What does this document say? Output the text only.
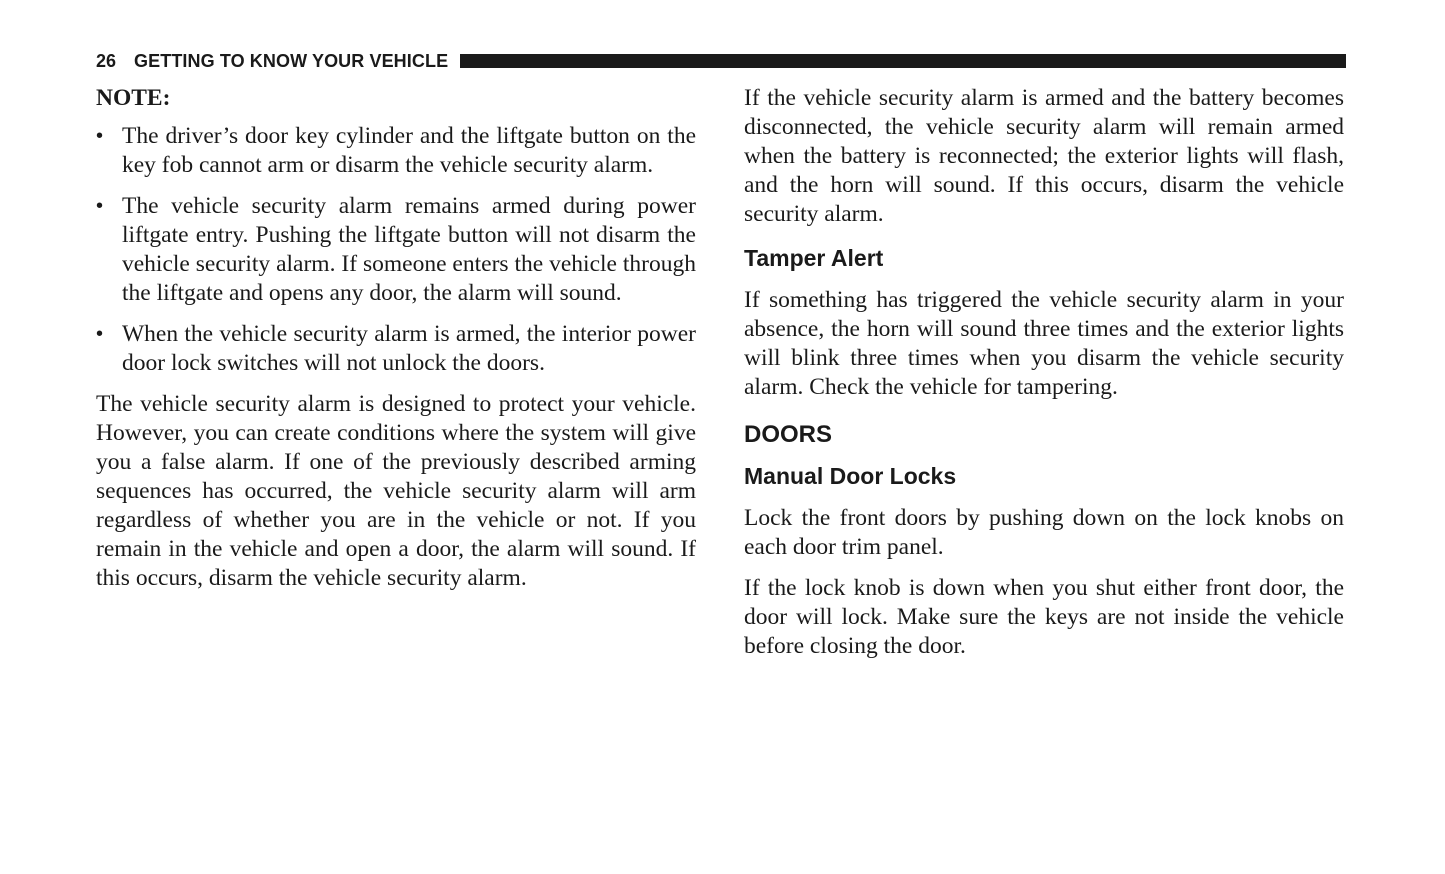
26 GETTING TO KNOW YOUR VEHICLE
NOTE:
• The driver’s door key cylinder and the liftgate button on the key fob cannot arm or disarm the vehicle security alarm.
• The vehicle security alarm remains armed during power liftgate entry. Pushing the liftgate button will not disarm the vehicle security alarm. If someone enters the vehicle through the liftgate and opens any door, the alarm will sound.
• When the vehicle security alarm is armed, the interior power door lock switches will not unlock the doors.

The vehicle security alarm is designed to protect your vehicle. However, you can create conditions where the system will give you a false alarm. If one of the previously described arming sequences has occurred, the vehicle security alarm will arm regardless of whether you are in the vehicle or not. If you remain in the vehicle and open a door, the alarm will sound. If this occurs, disarm the vehicle security alarm.

If the vehicle security alarm is armed and the battery becomes disconnected, the vehicle security alarm will remain armed when the battery is reconnected; the exterior lights will flash, and the horn will sound. If this occurs, disarm the vehicle security alarm.

Tamper Alert

If something has triggered the vehicle security alarm in your absence, the horn will sound three times and the exterior lights will blink three times when you disarm the vehicle security alarm. Check the vehicle for tampering.

DOORS
Manual Door Locks

Lock the front doors by pushing down on the lock knobs on each door trim panel.

If the lock knob is down when you shut either front door, the door will lock. Make sure the keys are not inside the vehicle before closing the door.
